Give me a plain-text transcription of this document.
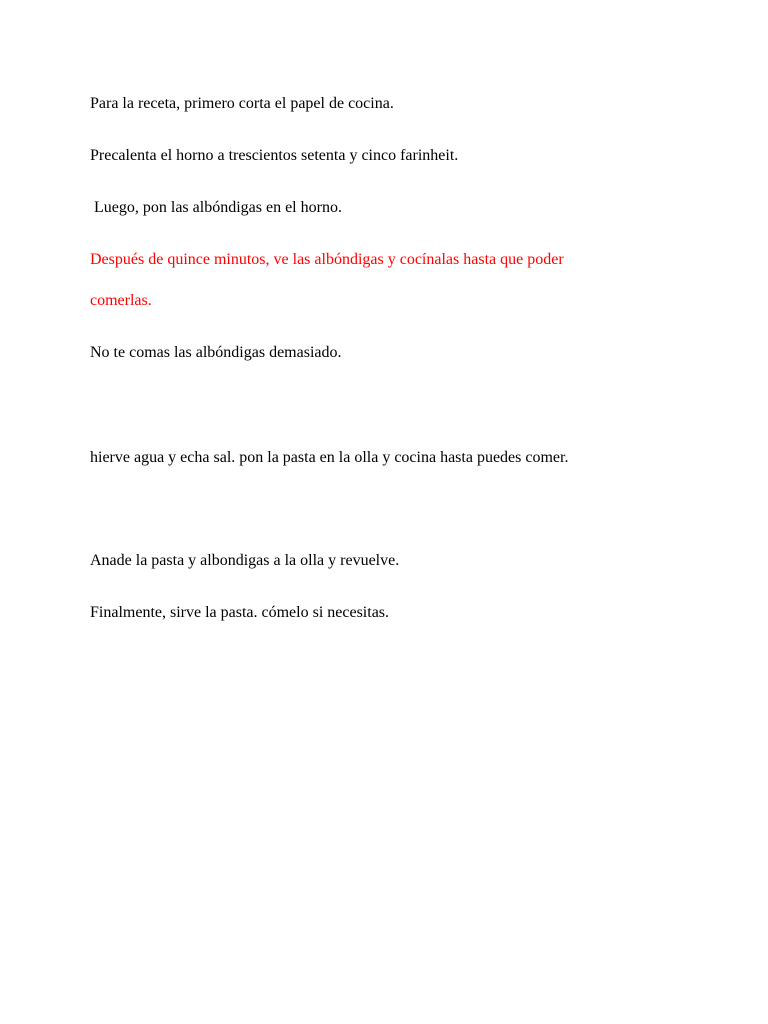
Para la receta, primero corta el papel de cocina.
Precalenta el horno a trescientos setenta y cinco farinheit.
Luego, pon las albóndigas en el horno.
Después de quince minutos, ve las albóndigas y cocínalas hasta que poder
comerlas.
No te comas las albóndigas demasiado.
hierve agua y echa sal. pon la pasta en la olla y cocina hasta puedes comer.
Anade la pasta y albondigas a la olla y revuelve.
Finalmente, sirve la pasta. cómelo si necesitas.
